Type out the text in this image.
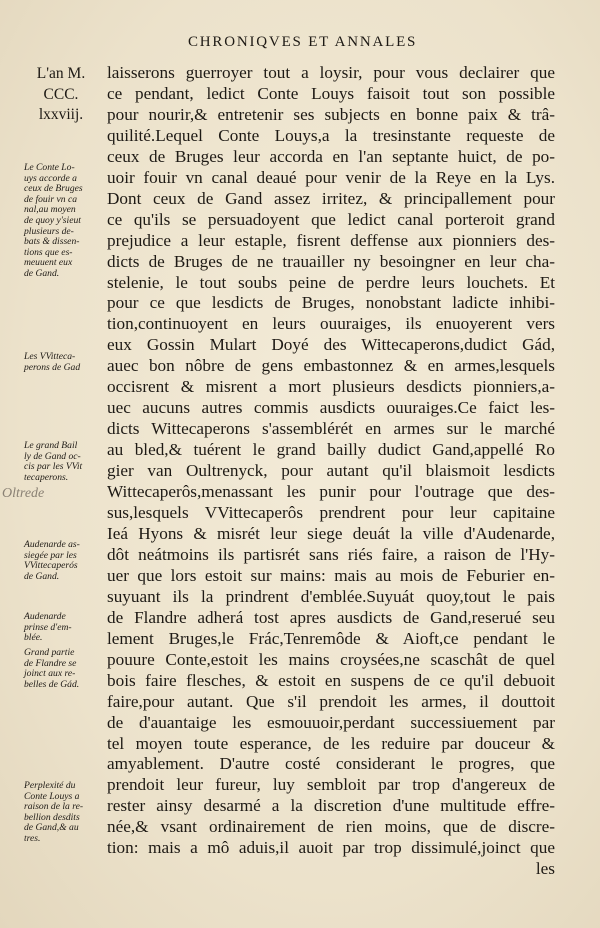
CHRONIQVES ET ANNALES
L'an M.
CCC.
lxxviij.
Le Conte Lo-
uys accorde a
ceux de Bruges
de fouir vn ca
nal,au moyen
de quoy y'sieut
plusieurs de-
bats & dissen-
tions que es-
meuuent eux
de Gand.
Les VVitteca-
perons de Gad
Le grand Bail
ly de Gand oc-
cis par les VVit
tecaperons.
Audenarde as-
siegée par les
VVittecaperós
de Gand.
Audenarde
prinse d'em-
blée.
Grand partie
de Flandre se
joinct aux re-
belles de Gád.
Perplexité du
Conte Louys a
raison de la re-
bellion desdits
de Gand,& au
tres.
Oltrede
laisserons guerroyer tout a loysir, pour vous declairer que
ce pendant, ledict Conte Louys faisoit tout son possible
pour nourir,& entretenir ses subjects en bonne paix & trâ-
quilité.Lequel Conte Louys,a la tresinstante requeste de
ceux de Bruges leur accorda en l'an septante huict, de po-
uoir fouir vn canal deaué pour venir de la Reye en la Lys.
Dont ceux de Gand assez irritez, & principallement pour
ce qu'ils se persuadoyent que ledict canal porteroit grand
prejudice a leur estaple, fisrent deffense aux pionniers des-
dicts de Bruges de ne trauailler ny besoingner en leur cha-
stelenie, le tout soubs peine de perdre leurs louchets. Et
pour ce que lesdicts de Bruges, nonobstant ladicte inhibi-
tion,continuoyent en leurs ouuraiges, ils enuoyerent vers
eux Gossin Mulart Doyé des Wittecaperons,dudict Gád,
auec bon nôbre de gens embastonnez & en armes,lesquels
occisrent & misrent a mort plusieurs desdicts pionniers,a-
uec aucuns autres commis ausdicts ouuraiges.Ce faict les-
dicts Wittecaperons s'assemblérét en armes sur le marché
au bled,& tuérent le grand bailly dudict Gand,appellé Ro
gier van Oultrenyck, pour autant qu'il blaismoit lesdicts
Wittecaperôs,menassant les punir pour l'outrage que des-
sus,lesquels VVittecaperôs prendrent pour leur capitaine
Ieá Hyons & misrét leur siege deuát la ville d'Audenarde,
dôt neátmoins ils partisrét sans riés faire, a raison de l'Hy-
uer que lors estoit sur mains: mais au mois de Feburier en-
suyuant ils la prindrent d'emblée.Suyuát quoy,tout le pais
de Flandre adherá tost apres ausdicts de Gand,reserué seu
lement Bruges,le Frác,Tenremôde & Aioft,ce pendant le
pouure Conte,estoit les mains croysées,ne scaschât de quel
bois faire flesches, & estoit en suspens de ce qu'il debuoit
faire,pour autant. Que s'il prendoit les armes, il douttoit
de d'auantaige les esmouuoir,perdant successiuement par
tel moyen toute esperance, de les reduire par douceur &
amyablement. D'autre costé considerant le progres, que
prendoit leur fureur, luy sembloit par trop d'angereux de
rester ainsy desarmé a la discretion d'une multitude effre-
née,& vsant ordinairement de rien moins, que de discre-
tion: mais a mô aduis,il auoit par trop dissimulé,joinct que
les
